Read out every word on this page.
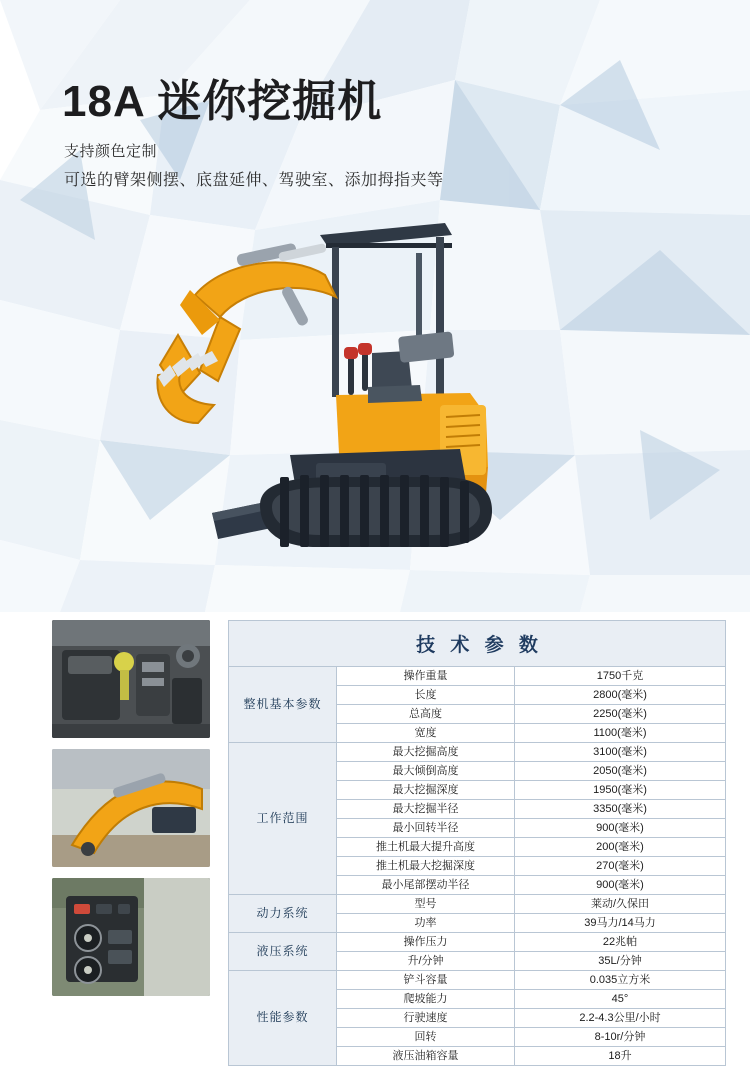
18A 迷你挖掘机

支持颜色定制

可选的臂架侧摆、底盘延伸、驾驶室、添加拇指夹等

技 术 参 数
整机基本参数	操作重量	1750千克
	长度	2800(毫米)
	总高度	2250(毫米)
	宽度	1100(毫米)
工作范围	最大挖掘高度	3100(毫米)
	最大倾倒高度	2050(毫米)
	最大挖掘深度	1950(毫米)
	最大挖掘半径	3350(毫米)
	最小回转半径	900(毫米)
	推土机最大提升高度	200(毫米)
	推土机最大挖掘深度	270(毫米)
	最小尾部摆动半径	900(毫米)
动力系统	型号	莱动/久保田
	功率	39马力/14马力
液压系统	操作压力	22兆帕
	升/分钟	35L/分钟
性能参数	铲斗容量	0.035立方米
	爬坡能力	45°
	行驶速度	2.2-4.3公里/小时
	回转	8-10r/分钟
	液压油箱容量	18升
